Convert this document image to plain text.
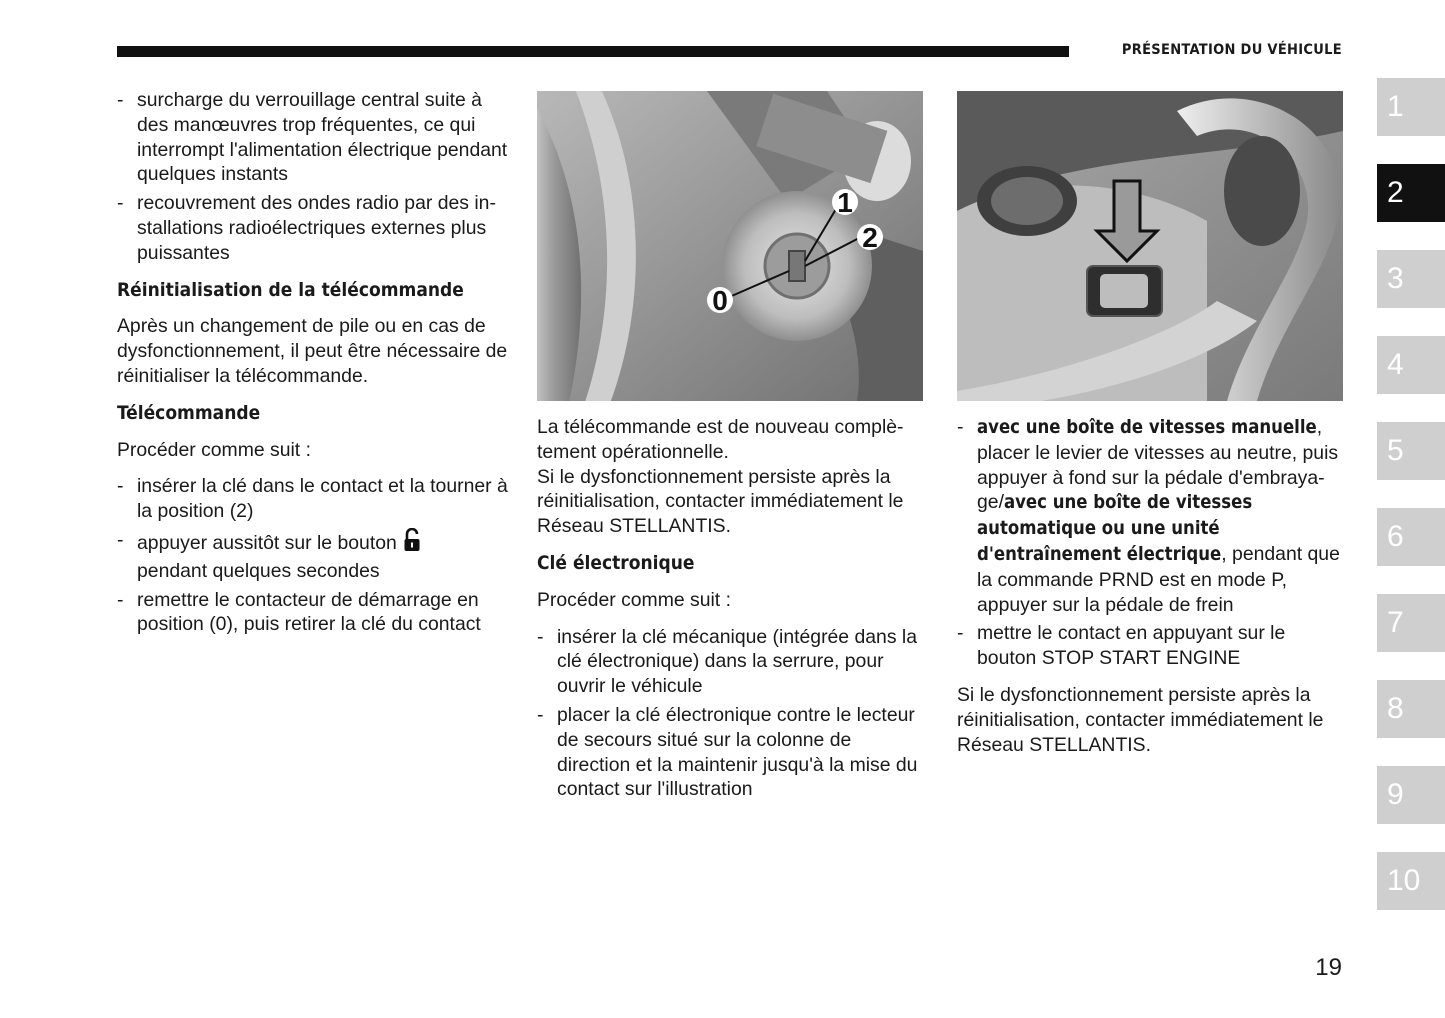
PRÉSENTATION DU VÉHICULE
- surcharge du verrouillage central suite à des manœuvres trop fréquentes, ce qui interrompt l'alimentation électrique pendant quelques instants
- recouvrement des ondes radio par des in-stallations radioélectriques externes plus puissantes
Réinitialisation de la télécommande

Après un changement de pile ou en cas de dysfonctionnement, il peut être nécessaire de réinitialiser la télécommande.

Télécommande

Procéder comme suit :

- insérer la clé dans le contact et la tourner à la position (2)
- appuyer aussitôt sur le bouton
pendant quelques secondes
- remettre le contacteur de démarrage en position (0), puis retirer la clé du contact
1
2
0

La télécommande est de nouveau complè-tement opérationnelle.

Si le dysfonctionnement persiste après la réinitialisation, contacter immédiatement le Réseau STELLANTIS.

Clé électronique

Procéder comme suit :

- insérer la clé mécanique (intégrée dans la clé électronique) dans la serrure, pour ouvrir le véhicule
- placer la clé électronique contre le lecteur de secours situé sur la colonne de direction et la maintenir jusqu'à la mise du contact sur l'illustration
- avec une boîte de vitesses manuelle, placer le levier de vitesses au neutre, puis appuyer à fond sur la pédale d'embraya-ge/avec une boîte de vitesses automatique ou une unité d'entraînement électrique, pendant que la commande PRND est en mode P, appuyer sur la pédale de frein
- mettre le contact en appuyant sur le bouton STOP START ENGINE

Si le dysfonctionnement persiste après la réinitialisation, contacter immédiatement le Réseau STELLANTIS.

1
2
3
4
5
6
7
8
9
10
19
